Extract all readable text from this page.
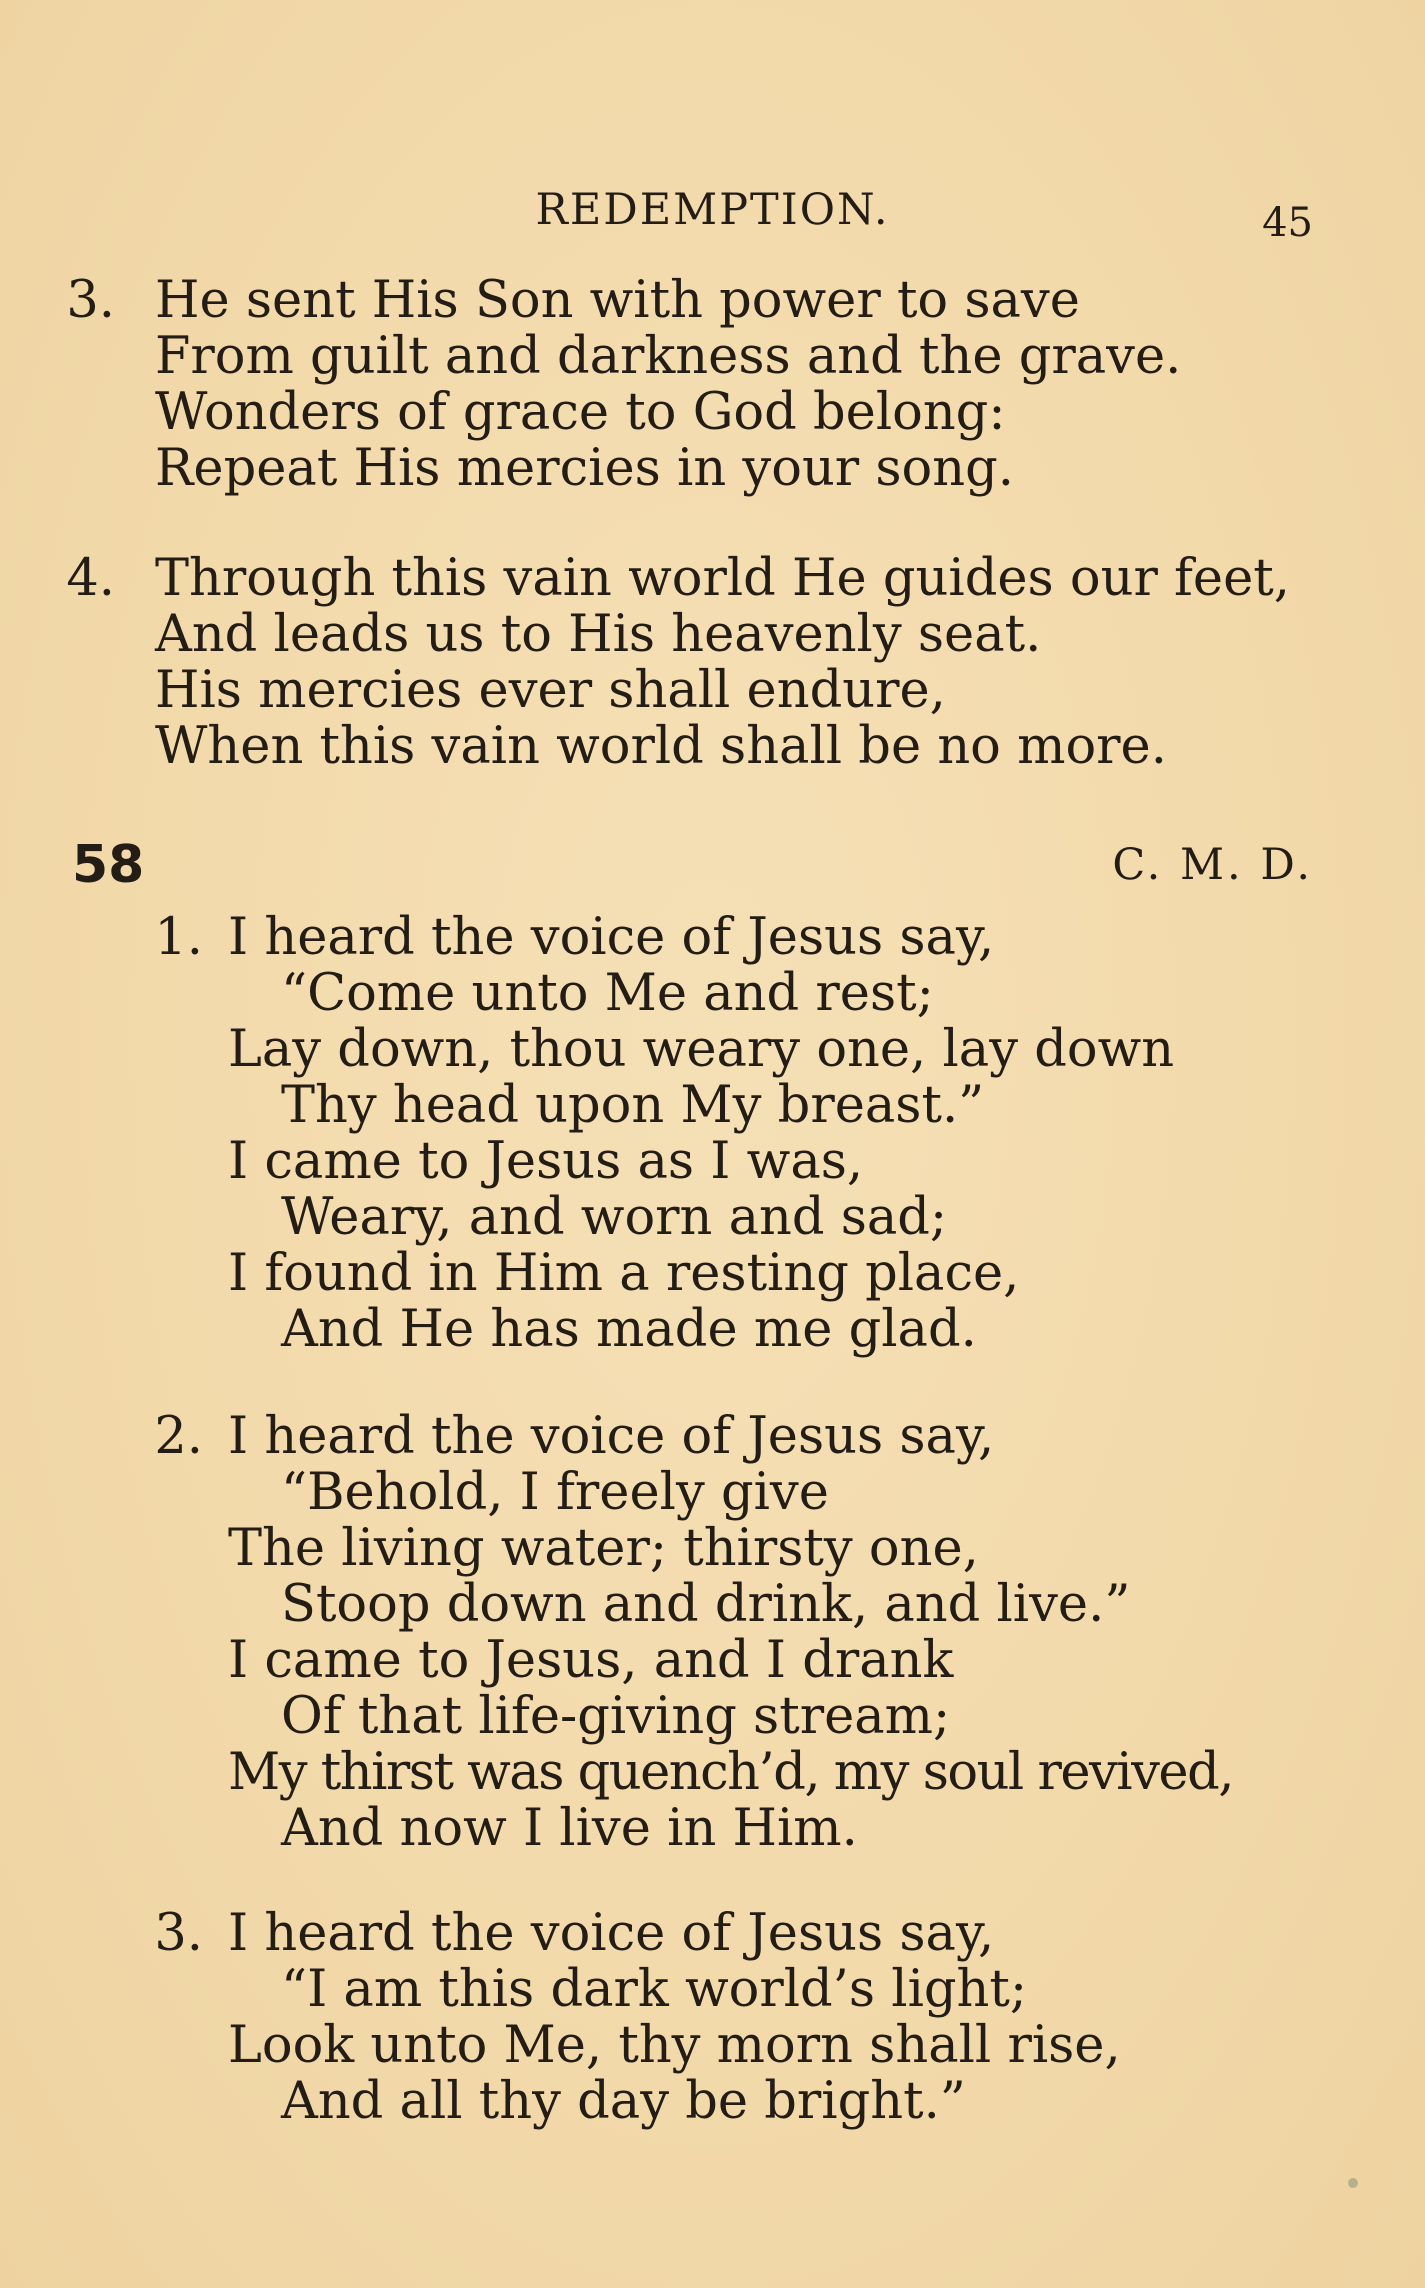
REDEMPTION.	45
3. He sent His Son with power to save
From guilt and darkness and the grave.
Wonders of grace to God belong:
Repeat His mercies in your song.
4. Through this vain world He guides our feet,
And leads us to His heavenly seat.
His mercies ever shall endure,
When this vain world shall be no more.
58	C. M. D.
1. I heard the voice of Jesus say,
“Come unto Me and rest;
Lay down, thou weary one, lay down
Thy head upon My breast.”
I came to Jesus as I was,
Weary, and worn and sad;
I found in Him a resting place,
And He has made me glad.
2. I heard the voice of Jesus say,
“Behold, I freely give
The living water; thirsty one,
Stoop down and drink, and live.”
I came to Jesus, and I drank
Of that life-giving stream;
My thirst was quench’d, my soul revived,
And now I live in Him.
3. I heard the voice of Jesus say,
“I am this dark world’s light;
Look unto Me, thy morn shall rise,
And all thy day be bright.”
